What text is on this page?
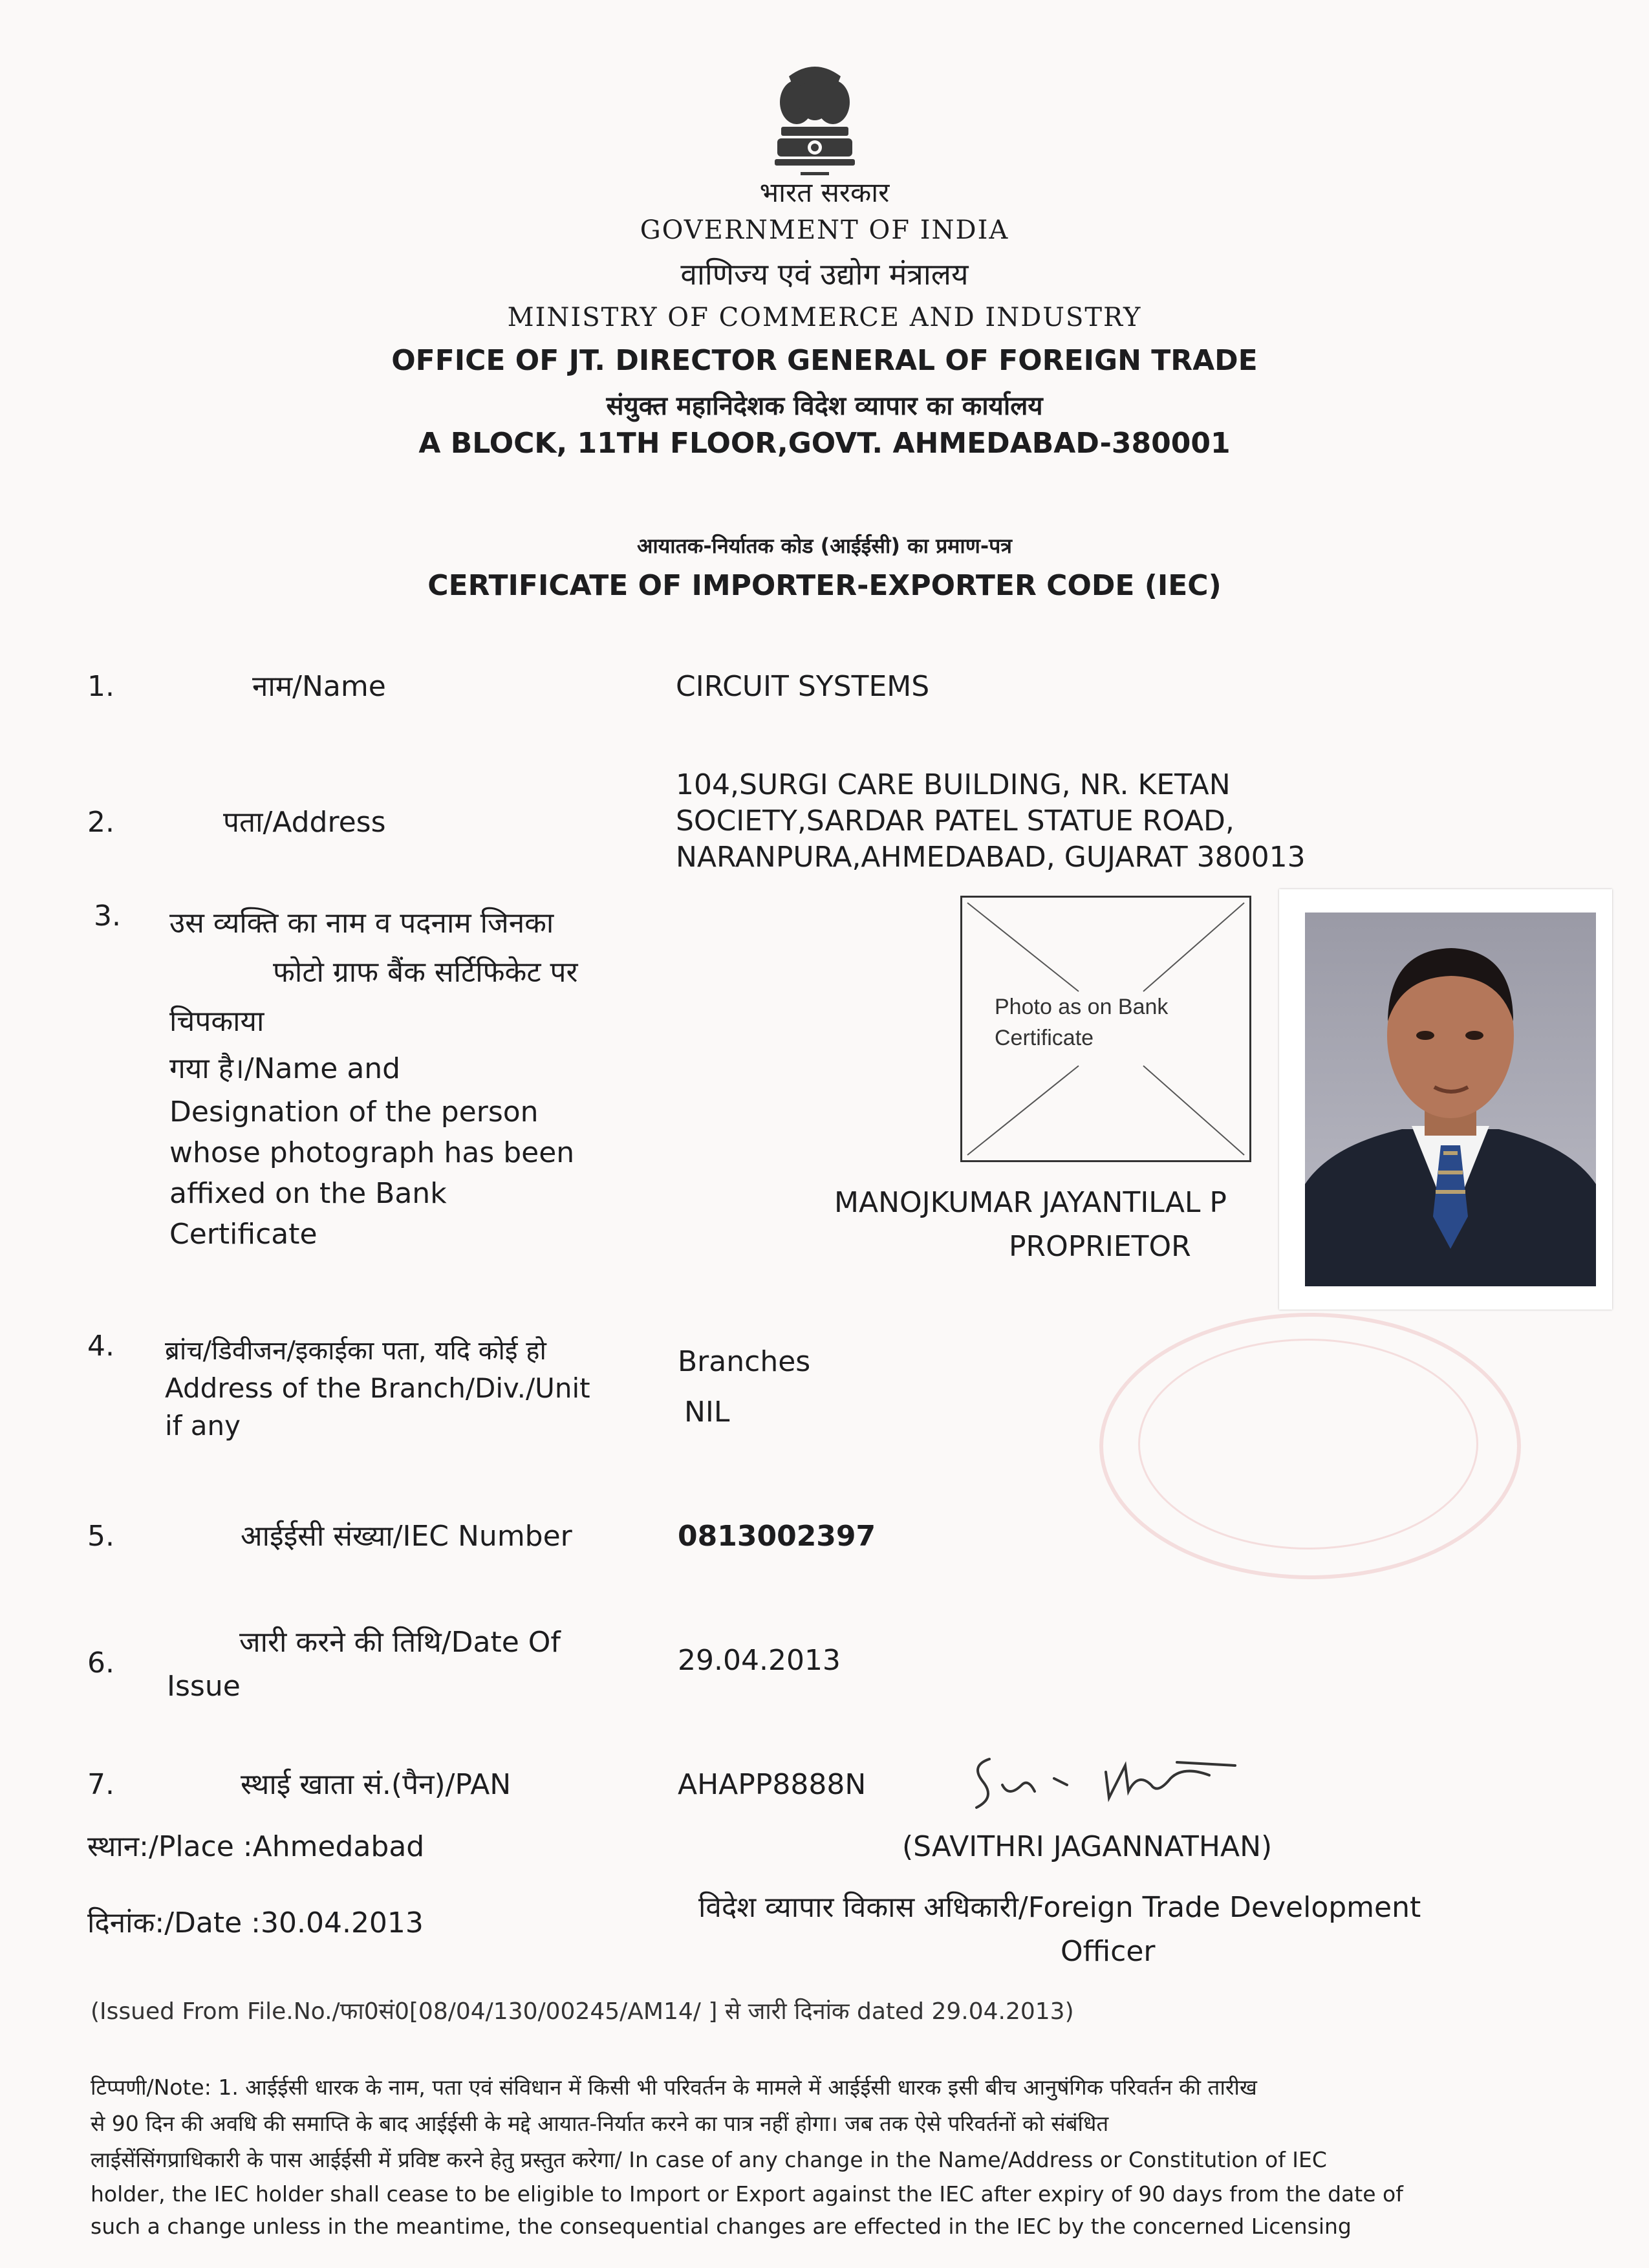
भारत सरकार
GOVERNMENT OF INDIA
वाणिज्य एवं उद्योग मंत्रालय
MINISTRY OF COMMERCE AND INDUSTRY
OFFICE OF JT. DIRECTOR GENERAL OF FOREIGN TRADE
संयुक्त महानिदेशक विदेश व्यापार का कार्यालय
A BLOCK, 11TH FLOOR,GOVT. AHMEDABAD-380001
आयातक-निर्यातक कोड (आईईसी) का प्रमाण-पत्र
CERTIFICATE OF IMPORTER-EXPORTER CODE (IEC)
1.	नाम/Name	CIRCUIT SYSTEMS
2.	पता/Address
104,SURGI CARE BUILDING, NR. KETAN
SOCIETY,SARDAR PATEL STATUE ROAD,
NARANPURA,AHMEDABAD, GUJARAT 380013
3. उस व्यक्ति का नाम व पदनाम जिनका
फोटो ग्राफ बैंक सर्टिफिकेट पर
चिपकाया
गया है।/Name and
Designation of the person
whose photograph has been
affixed on the Bank
Certificate
Photo as on Bank
Certificate
MANOJKUMAR JAYANTILAL P
PROPRIETOR
4. ब्रांच/डिवीजन/इकाईका पता, यदि कोई हो
Address of the Branch/Div./Unit
if any
Branches
NIL
5.	आईईसी संख्या/IEC Number	0813002397
6.
जारी करने की तिथि/Date Of
Issue
29.04.2013
7.	स्थाई खाता सं.(पैन)/PAN	AHAPP8888N
स्थान:/Place :Ahmedabad
दिनांक:/Date :30.04.2013
(SAVITHRI JAGANNATHAN)
विदेश व्यापार विकास अधिकारी/Foreign Trade Development
Officer
(Issued From File.No./फा0सं0[08/04/130/00245/AM14/ ] से जारी दिनांक dated 29.04.2013)
टिप्पणी/Note: 1. आईईसी धारक के नाम, पता एवं संविधान में किसी भी परिवर्तन के मामले में आईईसी धारक इसी बीच आनुषंगिक परिवर्तन की तारीख
से 90 दिन की अवधि की समाप्ति के बाद आईईसी के मद्दे आयात-निर्यात करने का पात्र नहीं होगा। जब तक ऐसे परिवर्तनों को संबंधित
लाईसेंसिंगप्राधिकारी के पास आईईसी में प्रविष्ट करने हेतु प्रस्तुत करेगा/ In case of any change in the Name/Address or Constitution of IEC
holder, the IEC holder shall cease to be eligible to Import or Export against the IEC after expiry of 90 days from the date of
such a change unless in the meantime, the consequential changes are effected in the IEC by the concerned Licensing
